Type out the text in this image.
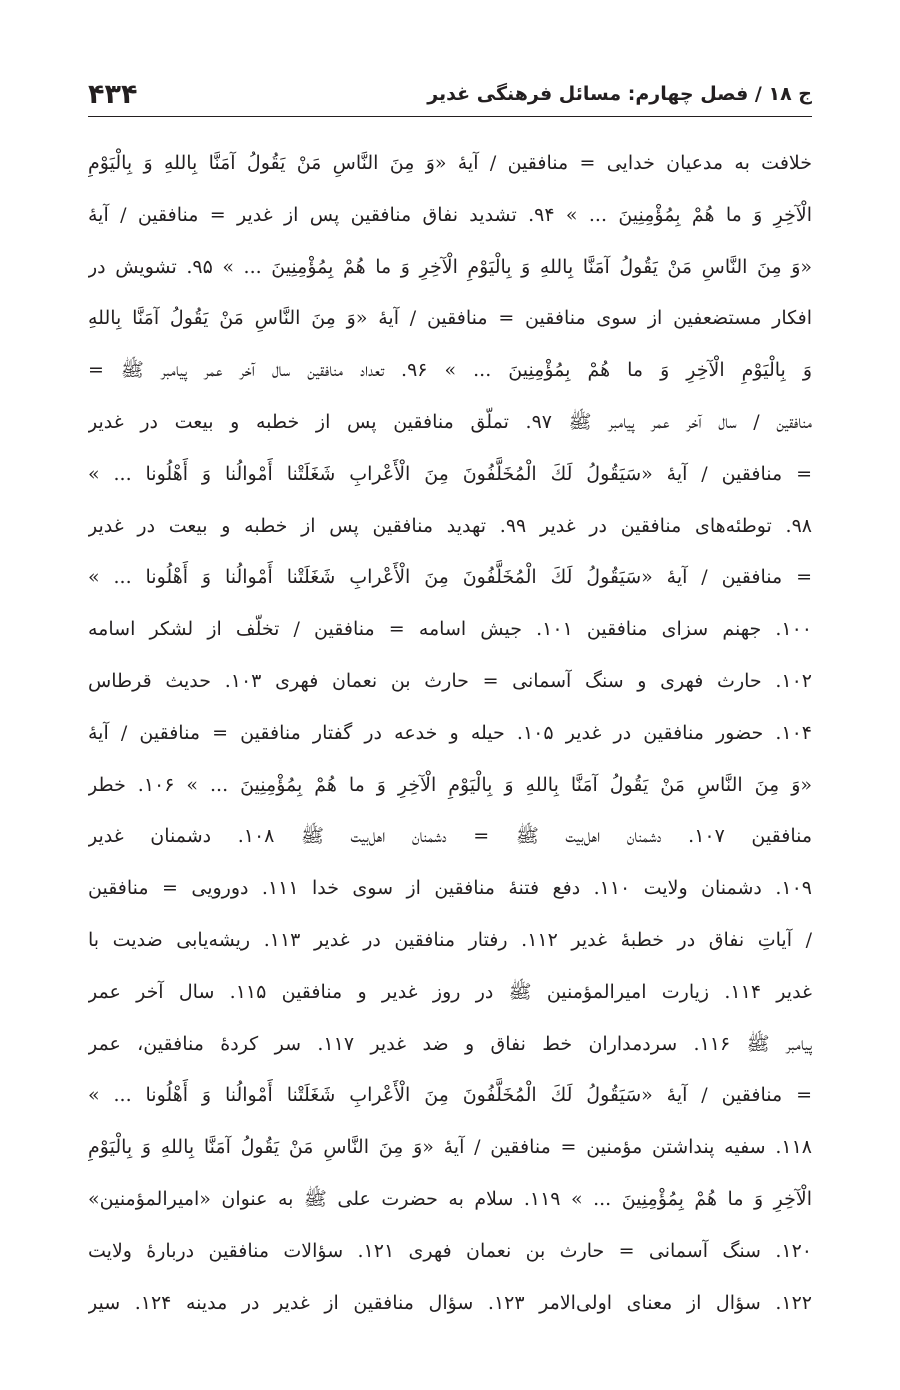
ج ۱۸ / فصل چهارم: مسائل فرهنگی غدیر
۴۳۴
خلافت به مدعیان خدایی = منافقین / آیهٔ «وَ مِنَ النَّاسِ مَنْ يَقُولُ آمَنَّا بِاللهِ وَ بِالْيَوْمِ
الْآخِرِ وَ ما هُمْ بِمُؤْمِنِينَ ... » ۹۴. تشدید نفاق منافقین پس از غدیر = منافقین / آیهٔ
«وَ مِنَ النَّاسِ مَنْ يَقُولُ آمَنَّا بِاللهِ وَ بِالْيَوْمِ الْآخِرِ وَ ما هُمْ بِمُؤْمِنِينَ ... » ۹۵. تشویش در
افکار مستضعفین از سوی منافقین = منافقین / آیهٔ «وَ مِنَ النَّاسِ مَنْ يَقُولُ آمَنَّا بِاللهِ
وَ بِالْيَوْمِ الْآخِرِ وَ ما هُمْ بِمُؤْمِنِينَ ... » ۹۶. تعداد منافقین سال آخر عمر پیامبر ﷺ =
منافقین / سال آخر عمر پیامبر ﷺ ۹۷. تملّق منافقین پس از خطبه و بیعت در غدیر
= منافقین / آیهٔ «سَيَقُولُ لَكَ الْمُخَلَّفُونَ مِنَ الْأَعْرابِ شَغَلَتْنا أَمْوالُنا وَ أَهْلُونا ... »
۹۸. توطئه‌های منافقین در غدیر ۹۹. تهدید منافقین پس از خطبه و بیعت در غدیر
= منافقین / آیهٔ «سَيَقُولُ لَكَ الْمُخَلَّفُونَ مِنَ الْأَعْرابِ شَغَلَتْنا أَمْوالُنا وَ أَهْلُونا ... »
۱۰۰. جهنم سزای منافقین ۱۰۱. جیش اسامه = منافقین / تخلّف از لشکر اسامه
۱۰۲. حارث فهری و سنگ آسمانی = حارث بن نعمان فهری ۱۰۳. حدیث قرطاس
۱۰۴. حضور منافقین در غدیر ۱۰۵. حیله و خدعه در گفتار منافقین = منافقین / آیهٔ
«وَ مِنَ النَّاسِ مَنْ يَقُولُ آمَنَّا بِاللهِ وَ بِالْيَوْمِ الْآخِرِ وَ ما هُمْ بِمُؤْمِنِينَ ... » ۱۰۶. خطر
منافقین ۱۰۷. دشمنان اهل‌بیت ﷺ = دشمنان اهل‌بیت ﷺ ۱۰۸. دشمنان غدیر
۱۰۹. دشمنان ولایت ۱۱۰. دفع فتنهٔ منافقین از سوی خدا ۱۱۱. دورویی = منافقین
/ آیاتِ نفاق در خطبهٔ غدیر ۱۱۲. رفتار منافقین در غدیر ۱۱۳. ریشه‌یابی ضدیت با
غدیر ۱۱۴. زیارت امیرالمؤمنین ﷺ در روز غدیر و منافقین ۱۱۵. سال آخر عمر
پیامبر ﷺ ۱۱۶. سردمداران خط نفاق و ضد غدیر ۱۱۷. سر کردهٔ منافقین، عمر
= منافقین / آیهٔ «سَيَقُولُ لَكَ الْمُخَلَّفُونَ مِنَ الْأَعْرابِ شَغَلَتْنا أَمْوالُنا وَ أَهْلُونا ... »
۱۱۸. سفیه پنداشتن مؤمنین = منافقین / آیهٔ «وَ مِنَ النَّاسِ مَنْ يَقُولُ آمَنَّا بِاللهِ وَ بِالْيَوْمِ
الْآخِرِ وَ ما هُمْ بِمُؤْمِنِينَ ... » ۱۱۹. سلام به حضرت علی ﷺ به عنوان «امیرالمؤمنین»
۱۲۰. سنگ آسمانی = حارث بن نعمان فهری ۱۲۱. سؤالات منافقین دربارهٔ ولایت
۱۲۲. سؤال از معنای اولی‌الامر ۱۲۳. سؤال منافقین از غدیر در مدینه ۱۲۴. سیر
